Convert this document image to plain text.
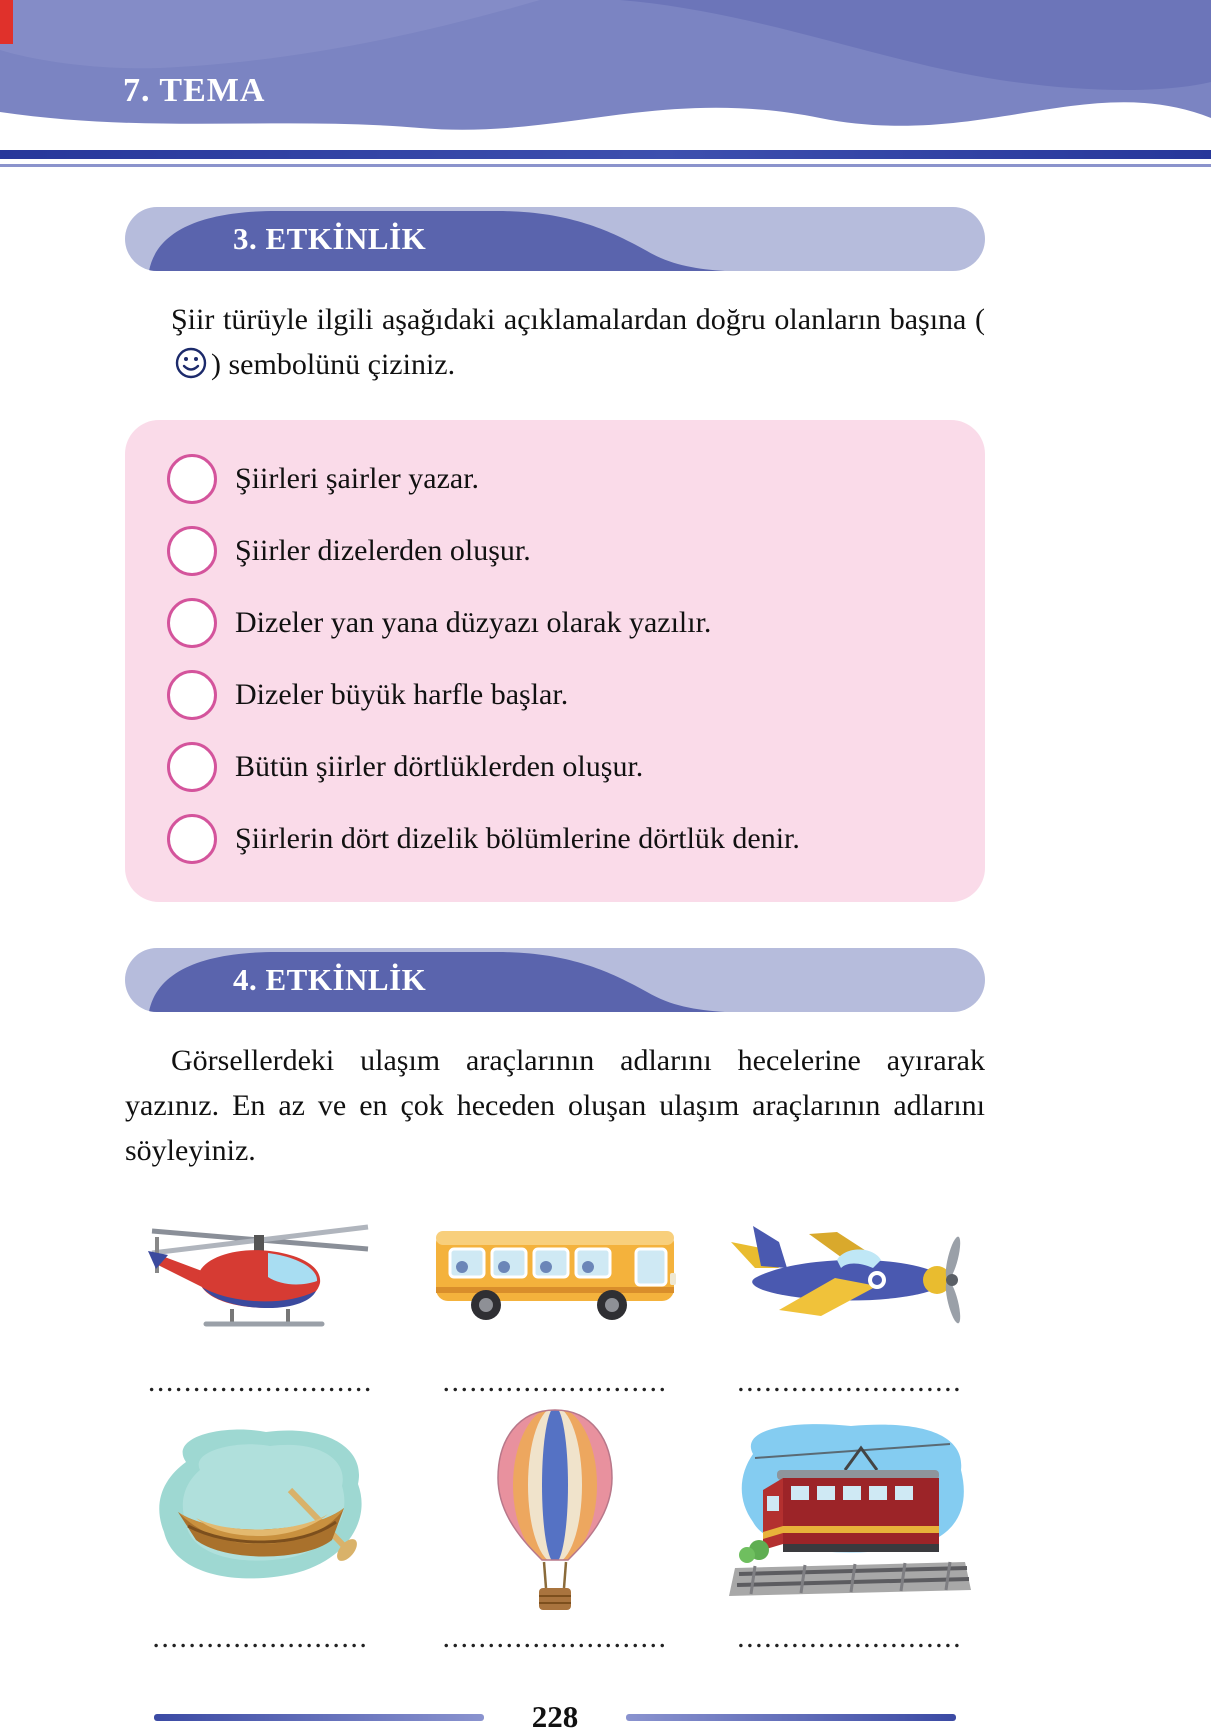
7. TEMA
3. ETKİNLİK

Şiir türüyle ilgili aşağıdaki açıklamalardan doğru olanların başına () sembolünü çiziniz.

Şiirleri şairler yazar.
Şiirler dizelerden oluşur.
Dizeler yan yana düzyazı olarak yazılır.
Dizeler büyük harfle başlar.
Bütün şiirler dörtlüklerden oluşur.
Şiirlerin dört dizelik bölümlerine dörtlük denir.
4. ETKİNLİK

Görsellerdeki ulaşım araçlarının adlarını hecelerine ayırarak yazınız. En az ve en çok heceden oluşan ulaşım araçlarının adlarını söyleyiniz.

......................... ......................... .........................
........................ ......................... .........................
228
